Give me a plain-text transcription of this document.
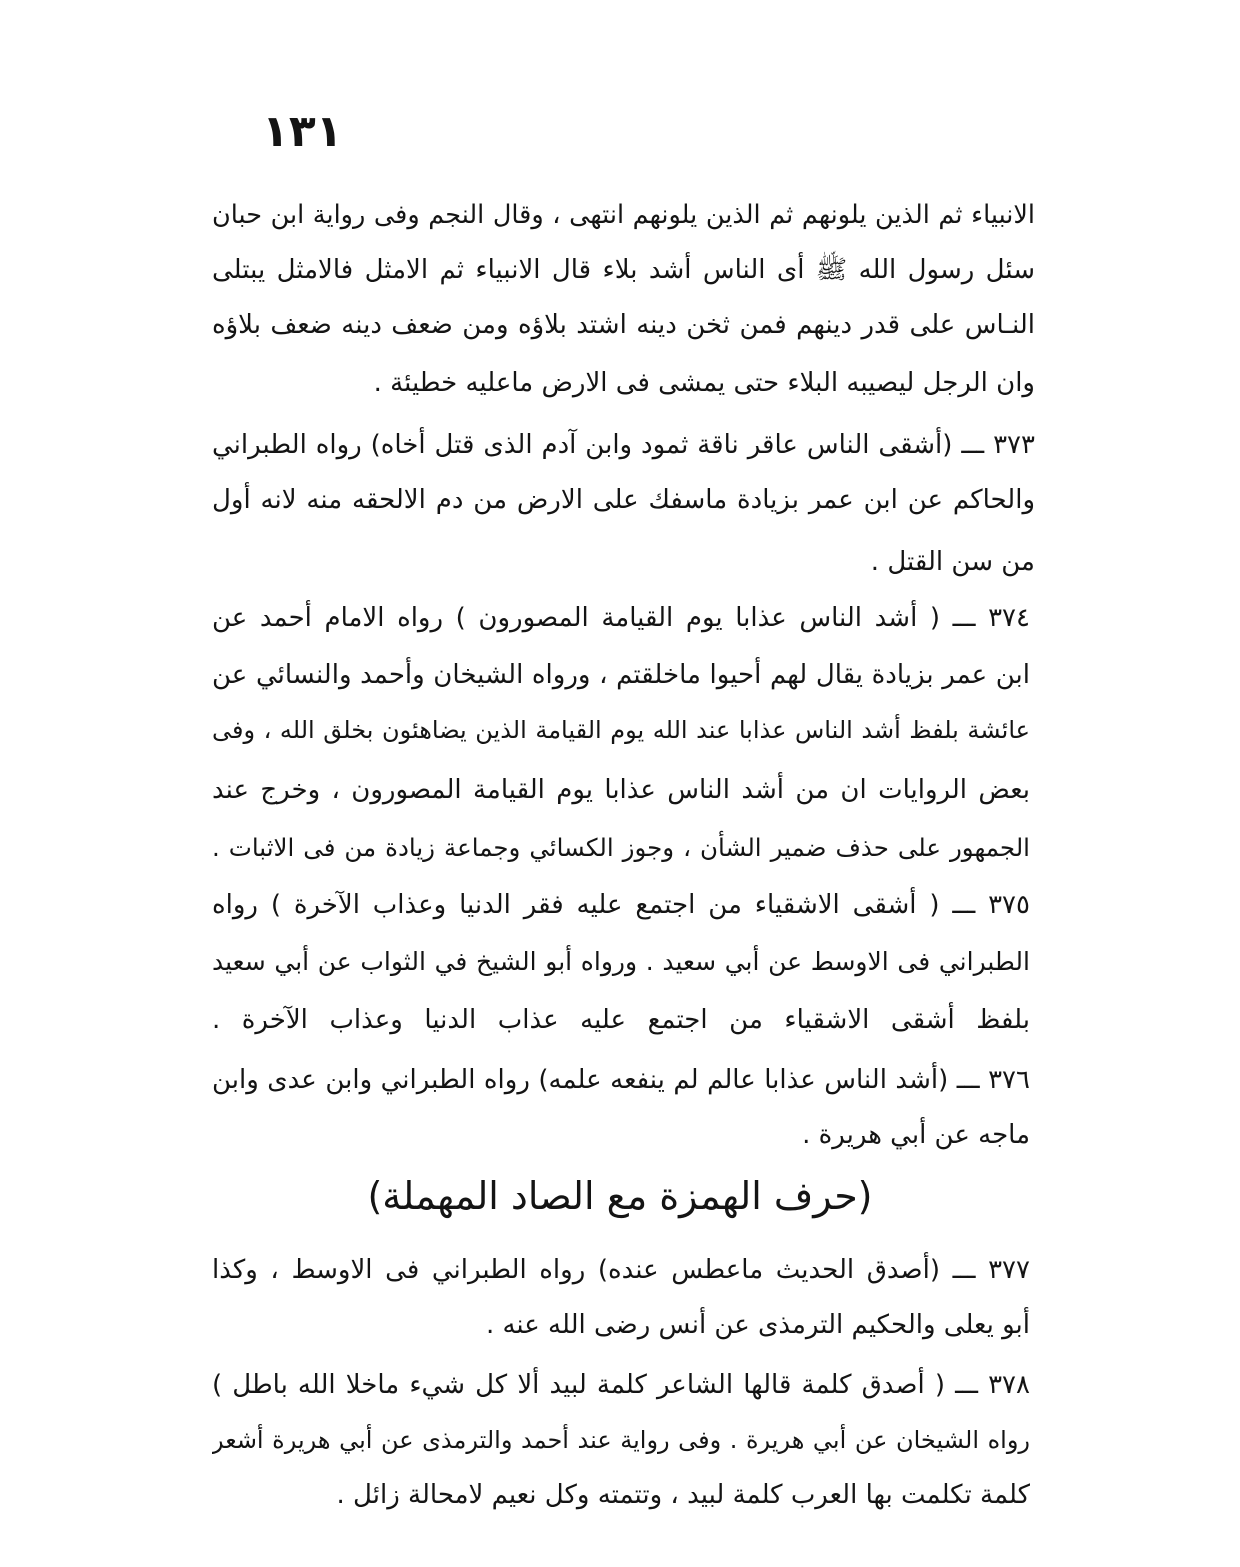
١٣١
الانبياء ثم الذين يلونهم ثم الذين يلونهم انتهى ، وقال النجم وفى رواية ابن حبان
سئل رسول الله ﷺ أى الناس أشد بلاء قال الانبياء ثم الامثل فالامثل يبتلى
النـاس على قدر دينهم فمن ثخن دينه اشتد بلاؤه ومن ضعف دينه ضعف بلاؤه
وان الرجل ليصيبه البلاء حتى يمشى فى الارض ماعليه خطيئة .
٣٧٣ ـــ (أشقى الناس عاقر ناقة ثمود وابن آدم الذى قتل أخاه) رواه الطبراني
والحاكم عن ابن عمر بزيادة ماسفك على الارض من دم الالحقه منه لانه أول
من سن القتل .
٣٧٤ ـــ ( أشد الناس عذابا يوم القيامة المصورون ) رواه الامام أحمد عن
ابن عمر بزيادة يقال لهم أحيوا ماخلقتم ، ورواه الشيخان وأحمد والنسائي عن
عائشة بلفظ أشد الناس عذابا عند الله يوم القيامة الذين يضاهئون بخلق الله ، وفى
بعض الروايات ان من أشد الناس عذابا يوم القيامة المصورون ، وخرج عند
الجمهور على حذف ضمير الشأن ، وجوز الكسائي وجماعة زيادة من فى الاثبات .
٣٧٥ ـــ ( أشقى الاشقياء من اجتمع عليه فقر الدنيا وعذاب الآخرة ) رواه
الطبراني فى الاوسط عن أبي سعيد . ورواه أبو الشيخ في الثواب عن أبي سعيد
بلفظ أشقى الاشقياء من اجتمع عليه عذاب الدنيا وعذاب الآخرة .
٣٧٦ ـــ (أشد الناس عذابا عالم لم ينفعه علمه) رواه الطبراني وابن عدى وابن
ماجه عن أبي هريرة .
(حرف الهمزة مع الصاد المهملة)
٣٧٧ ـــ (أصدق الحديث ماعطس عنده) رواه الطبراني فى الاوسط ، وكذا
أبو يعلى والحكيم الترمذى عن أنس رضى الله عنه .
٣٧٨ ـــ ( أصدق كلمة قالها الشاعر كلمة لبيد ألا كل شيء ماخلا الله باطل )
رواه الشيخان عن أبي هريرة . وفى رواية عند أحمد والترمذى عن أبي هريرة أشعر
كلمة تكلمت بها العرب كلمة لبيد ، وتتمته وكل نعيم لامحالة زائل .
